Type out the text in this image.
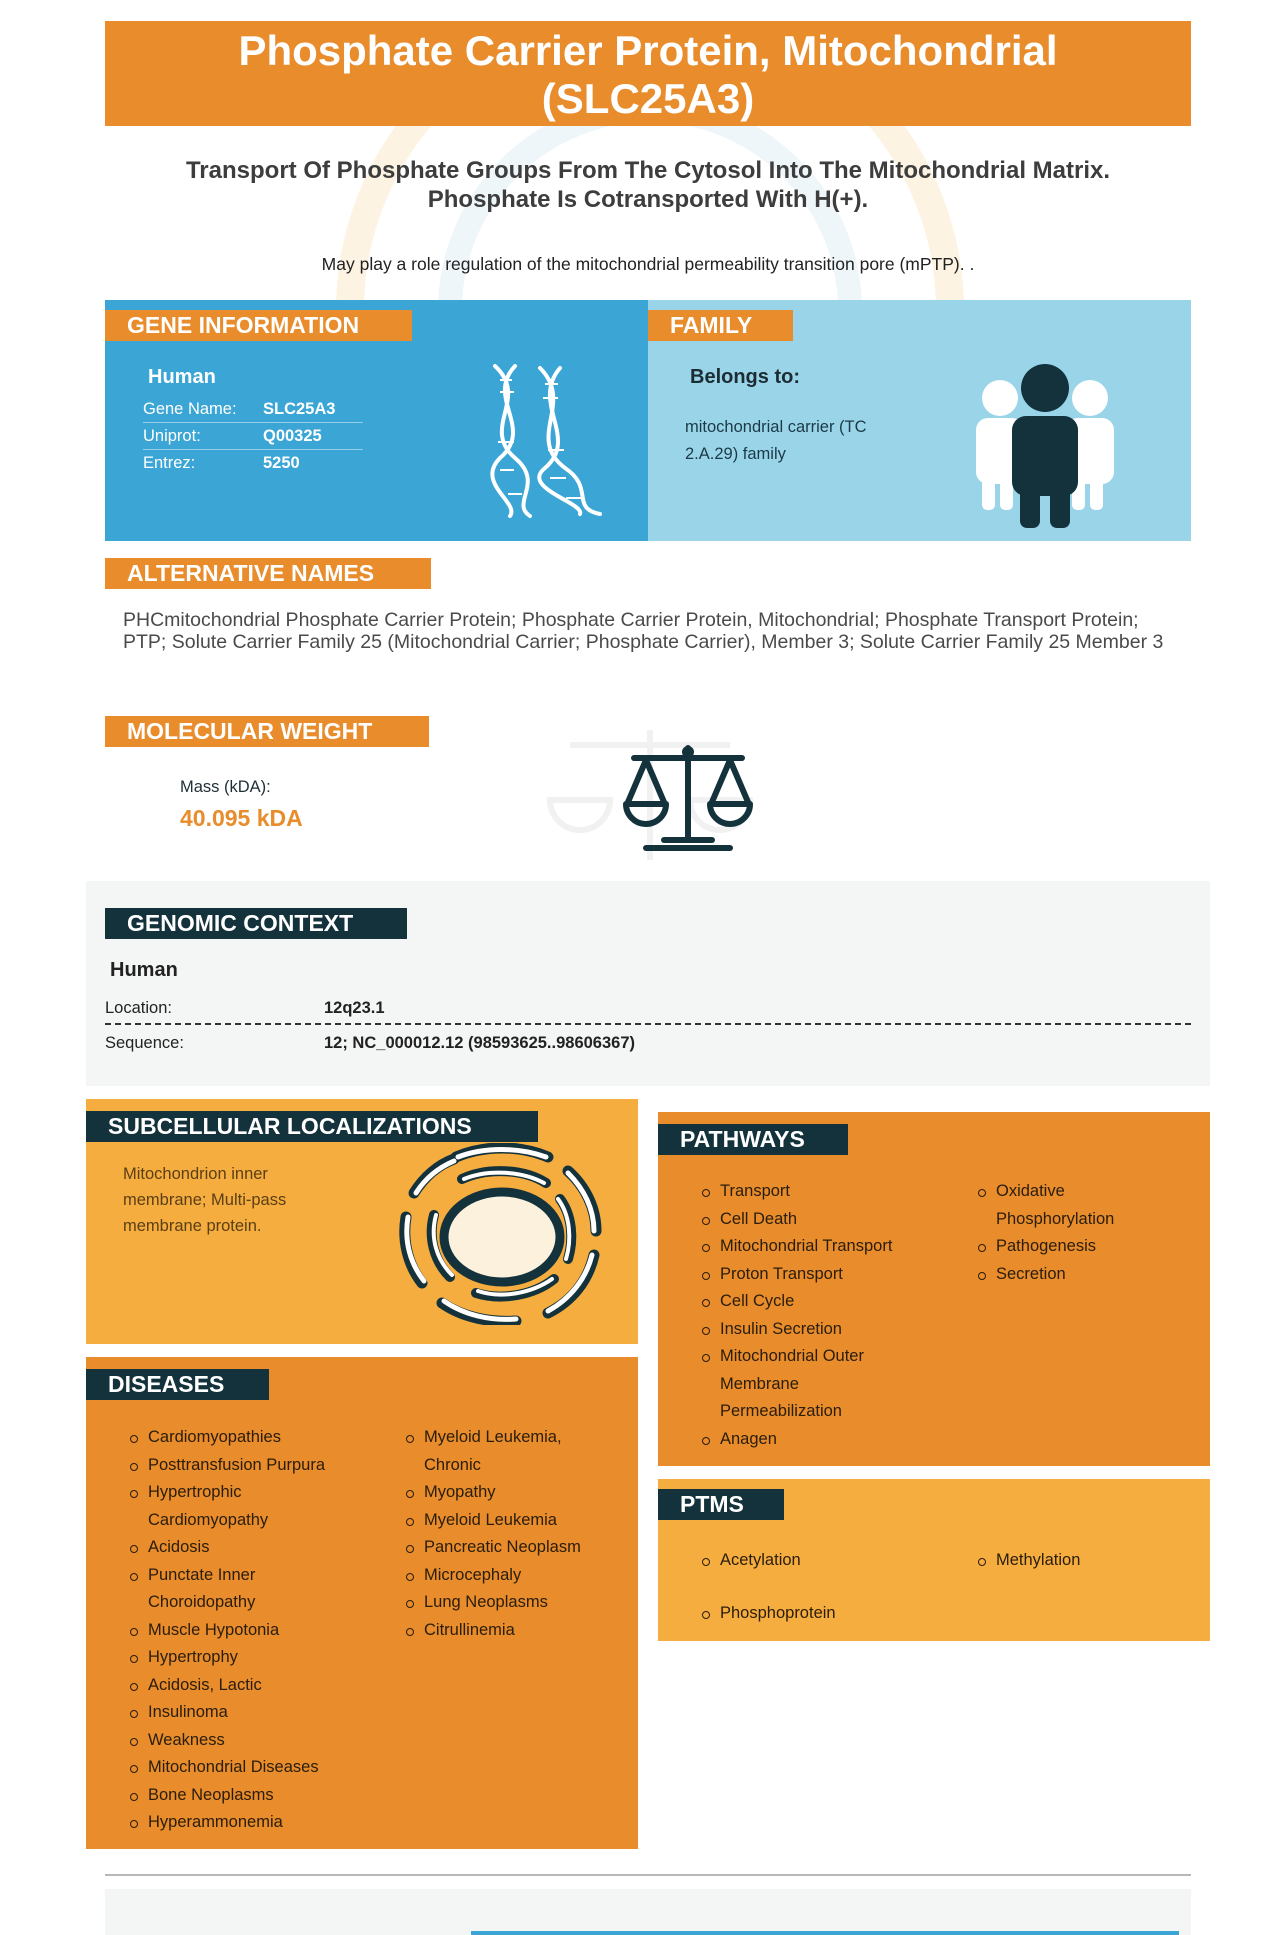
Phosphate Carrier Protein, Mitochondrial
(SLC25A3)
Transport Of Phosphate Groups From The Cytosol Into The Mitochondrial Matrix.
Phosphate Is Cotransported With H(+).
May play a role regulation of the mitochondrial permeability transition pore (mPTP). .
GENE INFORMATION
Human
Gene Name:	SLC25A3
Uniprot:	Q00325
Entrez:	5250
FAMILY
Belongs to:
mitochondrial carrier (TC 2.A.29) family
ALTERNATIVE NAMES
PHCmitochondrial Phosphate Carrier Protein; Phosphate Carrier Protein, Mitochondrial; Phosphate Transport Protein; PTP; Solute Carrier Family 25 (Mitochondrial Carrier; Phosphate Carrier), Member 3; Solute Carrier Family 25 Member 3
MOLECULAR WEIGHT
Mass (kDA):
40.095 kDA
GENOMIC CONTEXT
Human
Location:	12q23.1
Sequence:	12; NC_000012.12 (98593625..98606367)
SUBCELLULAR LOCALIZATIONS
Mitochondrion inner membrane; Multi-pass membrane protein.
DISEASES
Cardiomyopathies
Posttransfusion Purpura
Hypertrophic Cardiomyopathy
Acidosis
Punctate Inner Choroidopathy
Muscle Hypotonia
Hypertrophy
Acidosis, Lactic
Insulinoma
Weakness
Mitochondrial Diseases
Bone Neoplasms
Hyperammonemia
Myeloid Leukemia, Chronic
Myopathy
Myeloid Leukemia
Pancreatic Neoplasm
Microcephaly
Lung Neoplasms
Citrullinemia
PATHWAYS
Transport
Cell Death
Mitochondrial Transport
Proton Transport
Cell Cycle
Insulin Secretion
Mitochondrial Outer Membrane Permeabilization
Anagen
Oxidative Phosphorylation
Pathogenesis
Secretion
PTMS
Acetylation
Phosphoprotein
Methylation
